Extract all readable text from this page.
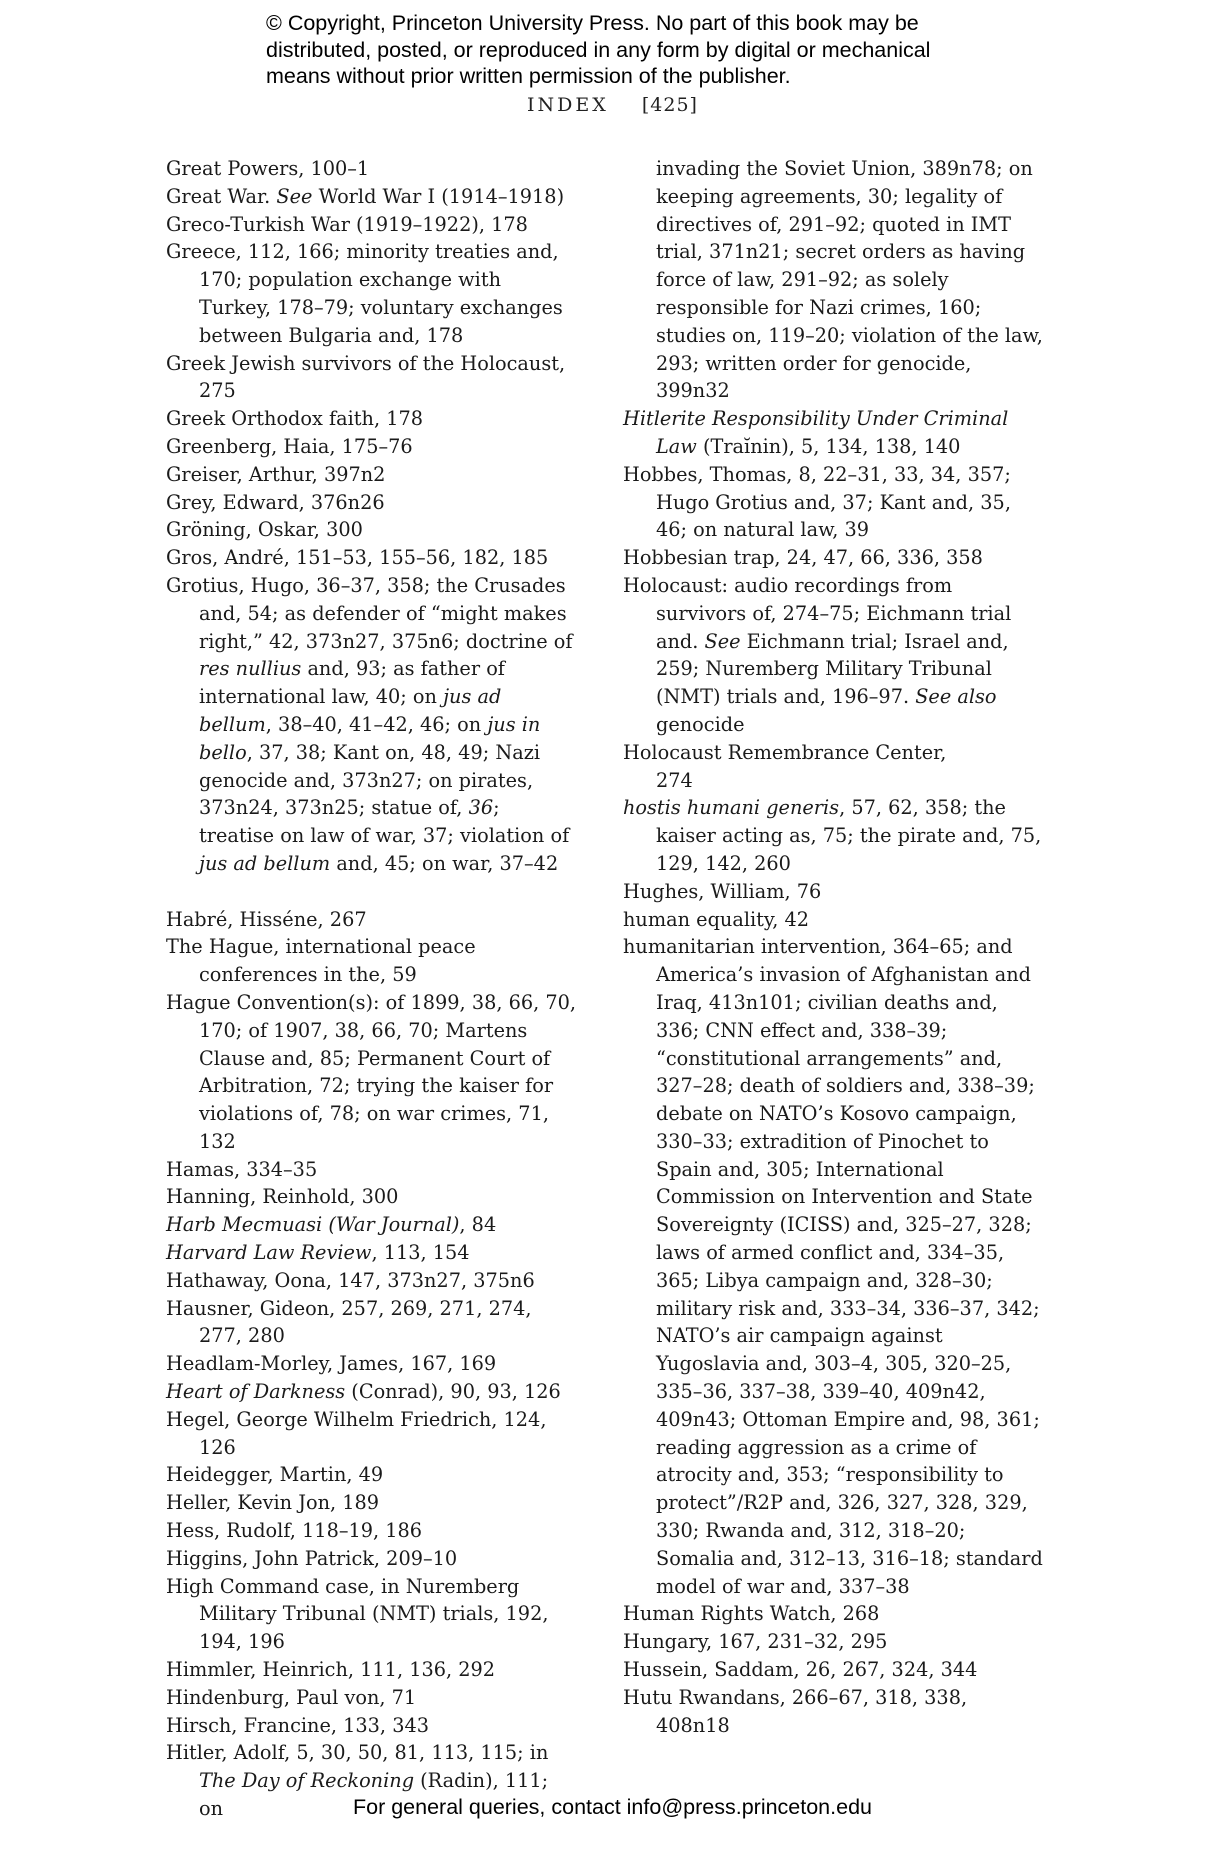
© Copyright, Princeton University Press. No part of this book may be distributed, posted, or reproduced in any form by digital or mechanical means without prior written permission of the publisher.
INDEX [425]
Great Powers, 100–1
Great War. See World War I (1914–1918)
Greco-Turkish War (1919–1922), 178
Greece, 112, 166; minority treaties and, 170; population exchange with Turkey, 178–79; voluntary exchanges between Bulgaria and, 178
Greek Jewish survivors of the Holocaust, 275
Greek Orthodox faith, 178
Greenberg, Haia, 175–76
Greiser, Arthur, 397n2
Grey, Edward, 376n26
Gröning, Oskar, 300
Gros, André, 151–53, 155–56, 182, 185
Grotius, Hugo, 36–37, 358; the Crusades and, 54; as defender of “might makes right,” 42, 373n27, 375n6; doctrine of res nullius and, 93; as father of international law, 40; on jus ad bellum, 38–40, 41–42, 46; on jus in bello, 37, 38; Kant on, 48, 49; Nazi genocide and, 373n27; on pirates, 373n24, 373n25; statue of, 36; treatise on law of war, 37; violation of jus ad bellum and, 45; on war, 37–42
Habré, Hisséne, 267
The Hague, international peace conferences in the, 59
Hague Convention(s): of 1899, 38, 66, 70, 170; of 1907, 38, 66, 70; Martens Clause and, 85; Permanent Court of Arbitration, 72; trying the kaiser for violations of, 78; on war crimes, 71, 132
Hamas, 334–35
Hanning, Reinhold, 300
Harb Mecmuasi (War Journal), 84
Harvard Law Review, 113, 154
Hathaway, Oona, 147, 373n27, 375n6
Hausner, Gideon, 257, 269, 271, 274, 277, 280
Headlam-Morley, James, 167, 169
Heart of Darkness (Conrad), 90, 93, 126
Hegel, George Wilhelm Friedrich, 124, 126
Heidegger, Martin, 49
Heller, Kevin Jon, 189
Hess, Rudolf, 118–19, 186
Higgins, John Patrick, 209–10
High Command case, in Nuremberg Military Tribunal (NMT) trials, 192, 194, 196
Himmler, Heinrich, 111, 136, 292
Hindenburg, Paul von, 71
Hirsch, Francine, 133, 343
Hitler, Adolf, 5, 30, 50, 81, 113, 115; in The Day of Reckoning (Radin), 111; on
invading the Soviet Union, 389n78; on keeping agreements, 30; legality of directives of, 291–92; quoted in IMT trial, 371n21; secret orders as having force of law, 291–92; as solely responsible for Nazi crimes, 160; studies on, 119–20; violation of the law, 293; written order for genocide, 399n32
Hitlerite Responsibility Under Criminal Law (Traĭnin), 5, 134, 138, 140
Hobbes, Thomas, 8, 22–31, 33, 34, 357; Hugo Grotius and, 37; Kant and, 35, 46; on natural law, 39
Hobbesian trap, 24, 47, 66, 336, 358
Holocaust: audio recordings from survivors of, 274–75; Eichmann trial and. See Eichmann trial; Israel and, 259; Nuremberg Military Tribunal (NMT) trials and, 196–97. See also genocide
Holocaust Remembrance Center,
274
hostis humani generis, 57, 62, 358; the kaiser acting as, 75; the pirate and, 75, 129, 142, 260
Hughes, William, 76
human equality, 42
humanitarian intervention, 364–65; and America’s invasion of Afghanistan and Iraq, 413n101; civilian deaths and, 336; CNN effect and, 338–39; “constitutional arrangements” and, 327–28; death of soldiers and, 338–39; debate on NATO’s Kosovo campaign, 330–33; extradition of Pinochet to Spain and, 305; International Commission on Intervention and State Sovereignty (ICISS) and, 325–27, 328; laws of armed conflict and, 334–35, 365; Libya campaign and, 328–30; military risk and, 333–34, 336–37, 342; NATO’s air campaign against Yugoslavia and, 303–4, 305, 320–25, 335–36, 337–38, 339–40, 409n42, 409n43; Ottoman Empire and, 98, 361; reading aggression as a crime of atrocity and, 353; “responsibility to protect”/R2P and, 326, 327, 328, 329, 330; Rwanda and, 312, 318–20; Somalia and, 312–13, 316–18; standard model of war and, 337–38
Human Rights Watch, 268
Hungary, 167, 231–32, 295
Hussein, Saddam, 26, 267, 324, 344
Hutu Rwandans, 266–67, 318, 338, 408n18
For general queries, contact info@press.princeton.edu
